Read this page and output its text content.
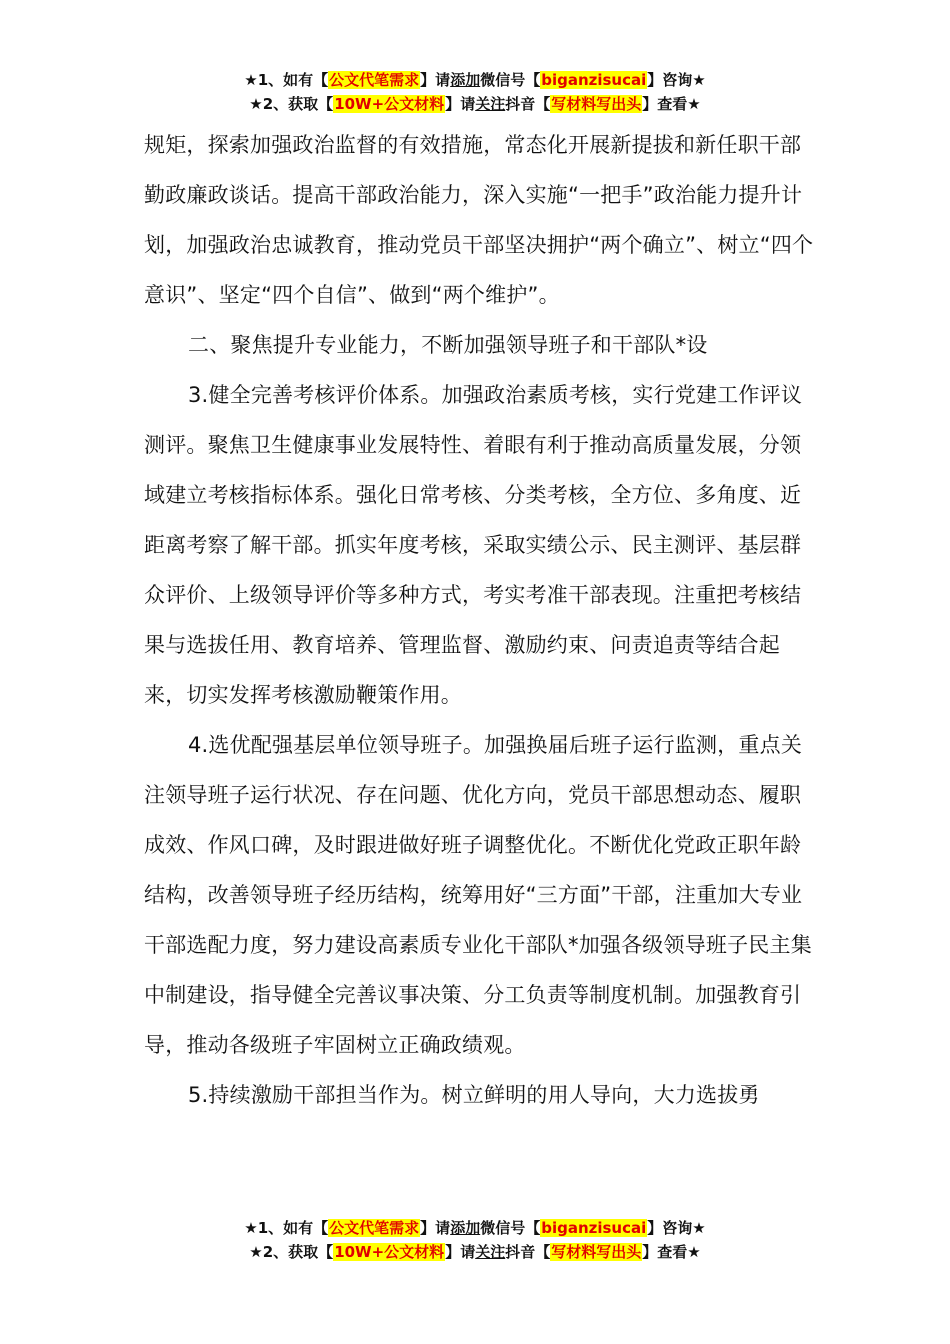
★1、如有【公文代笔需求】请添加微信号【biganzisucai】咨询★
★2、获取【10W+公文材料】请关注抖音【写材料写出头】查看★

规矩，探索加强政治监督的有效措施，常态化开展新提拔和新任职干部勤政廉政谈话。提高干部政治能力，深入实施“一把手”政治能力提升计划，加强政治忠诚教育，推动党员干部坚决拥护“两个确立”、树立“四个意识”、坚定“四个自信”、做到“两个维护”。

二、聚焦提升专业能力，不断加强领导班子和干部队*设

3.健全完善考核评价体系。加强政治素质考核，实行党建工作评议测评。聚焦卫生健康事业发展特性、着眼有利于推动高质量发展，分领域建立考核指标体系。强化日常考核、分类考核，全方位、多角度、近距离考察了解干部。抓实年度考核，采取实绩公示、民主测评、基层群众评价、上级领导评价等多种方式，考实考准干部表现。注重把考核结果与选拔任用、教育培养、管理监督、激励约束、问责追责等结合起来，切实发挥考核激励鞭策作用。

4.选优配强基层单位领导班子。加强换届后班子运行监测，重点关注领导班子运行状况、存在问题、优化方向，党员干部思想动态、履职成效、作风口碑，及时跟进做好班子调整优化。不断优化党政正职年龄结构，改善领导班子经历结构，统筹用好“三方面”干部，注重加大专业干部选配力度，努力建设高素质专业化干部队*加强各级领导班子民主集中制建设，指导健全完善议事决策、分工负责等制度机制。加强教育引导，推动各级班子牢固树立正确政绩观。

5.持续激励干部担当作为。树立鲜明的用人导向，大力选拔勇

★1、如有【公文代笔需求】请添加微信号【biganzisucai】咨询★
★2、获取【10W+公文材料】请关注抖音【写材料写出头】查看★
